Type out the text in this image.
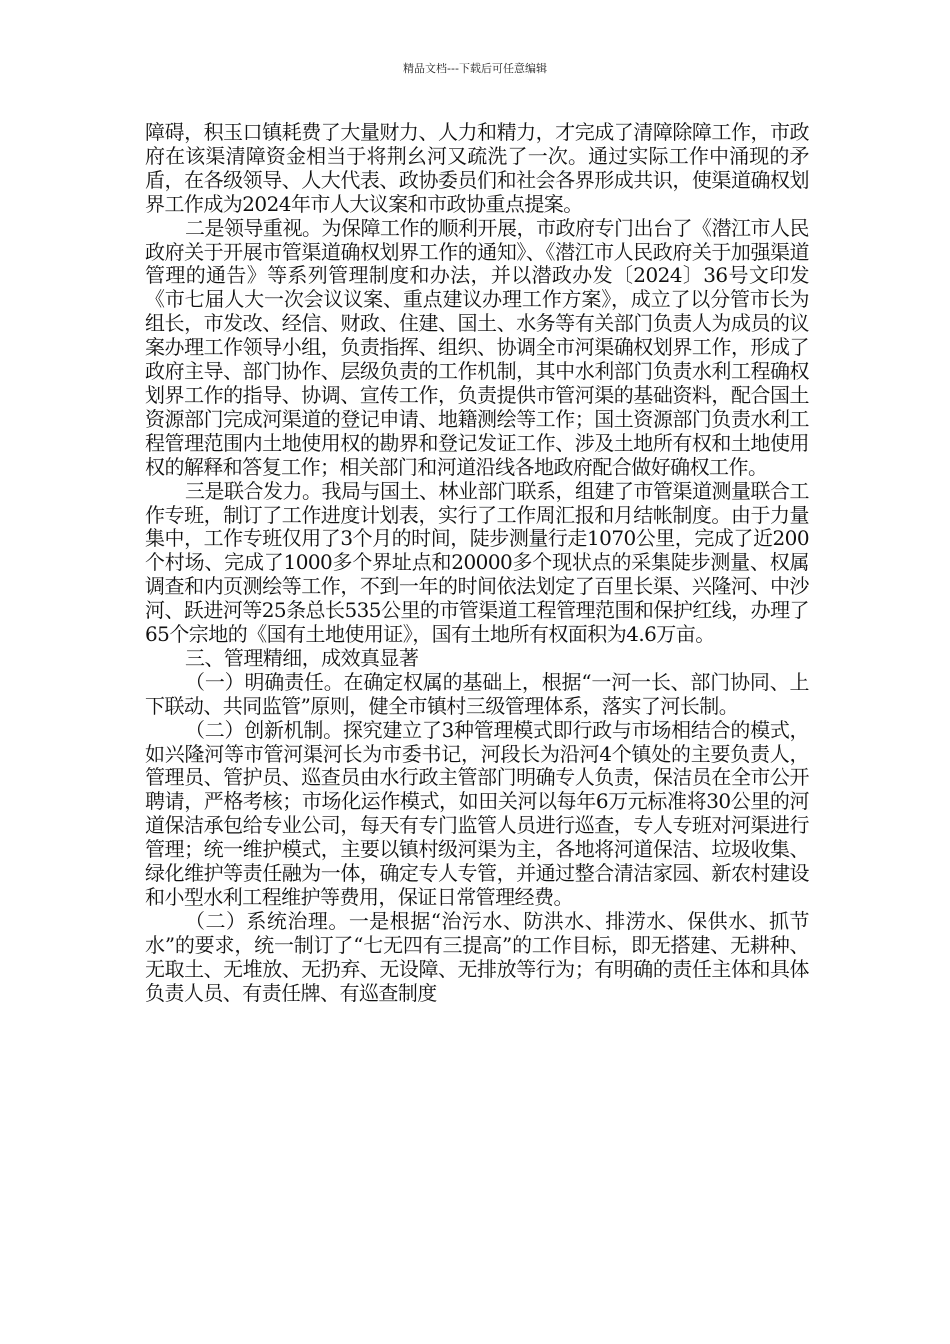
精品文档---下载后可任意编辑

障碍，积玉口镇耗费了大量财力、人力和精力，才完成了清障除障工作，市政府在该渠清障资金相当于将荆幺河又疏洗了一次。通过实际工作中涌现的矛盾，在各级领导、人大代表、政协委员们和社会各界形成共识，使渠道确权划界工作成为2024年市人大议案和市政协重点提案。

二是领导重视。为保障工作的顺利开展，市政府专门出台了《潜江市人民政府关于开展市管渠道确权划界工作的通知》、《潜江市人民政府关于加强渠道管理的通告》等系列管理制度和办法，并以潜政办发〔2024〕36号文印发《市七届人大一次会议议案、重点建议办理工作方案》，成立了以分管市长为组长，市发改、经信、财政、住建、国土、水务等有关部门负责人为成员的议案办理工作领导小组，负责指挥、组织、协调全市河渠确权划界工作，形成了政府主导、部门协作、层级负责的工作机制，其中水利部门负责水利工程确权划界工作的指导、协调、宣传工作，负责提供市管河渠的基础资料，配合国土资源部门完成河渠道的登记申请、地籍测绘等工作；国土资源部门负责水利工程管理范围内土地使用权的勘界和登记发证工作、涉及土地所有权和土地使用权的解释和答复工作；相关部门和河道沿线各地政府配合做好确权工作。

三是联合发力。我局与国土、林业部门联系，组建了市管渠道测量联合工作专班，制订了工作进度计划表，实行了工作周汇报和月结帐制度。由于力量集中，工作专班仅用了3个月的时间，陡步测量行走1070公里，完成了近200个村场、完成了1000多个界址点和20000多个现状点的采集陡步测量、权属调查和内页测绘等工作，不到一年的时间依法划定了百里长渠、兴隆河、中沙河、跃进河等25条总长535公里的市管渠道工程管理范围和保护红线，办理了65个宗地的《国有土地使用证》，国有土地所有权面积为4.6万亩。

三、管理精细，成效真显著

（一）明确责任。在确定权属的基础上，根据“一河一长、部门协同、上下联动、共同监管”原则，健全市镇村三级管理体系，落实了河长制。

（二）创新机制。探究建立了3种管理模式即行政与市场相结合的模式，如兴隆河等市管河渠河长为市委书记，河段长为沿河4个镇处的主要负责人，管理员、管护员、巡查员由水行政主管部门明确专人负责，保洁员在全市公开聘请，严格考核；市场化运作模式，如田关河以每年6万元标准将30公里的河道保洁承包给专业公司，每天有专门监管人员进行巡查，专人专班对河渠进行管理；统一维护模式，主要以镇村级河渠为主，各地将河道保洁、垃圾收集、绿化维护等责任融为一体，确定专人专管，并通过整合清洁家园、新农村建设和小型水利工程维护等费用，保证日常管理经费。

（二）系统治理。一是根据“治污水、防洪水、排涝水、保供水、抓节水”的要求，统一制订了“七无四有三提高”的工作目标，即无搭建、无耕种、无取土、无堆放、无扔弃、无设障、无排放等行为；有明确的责任主体和具体负责人员、有责任牌、有巡查制度
